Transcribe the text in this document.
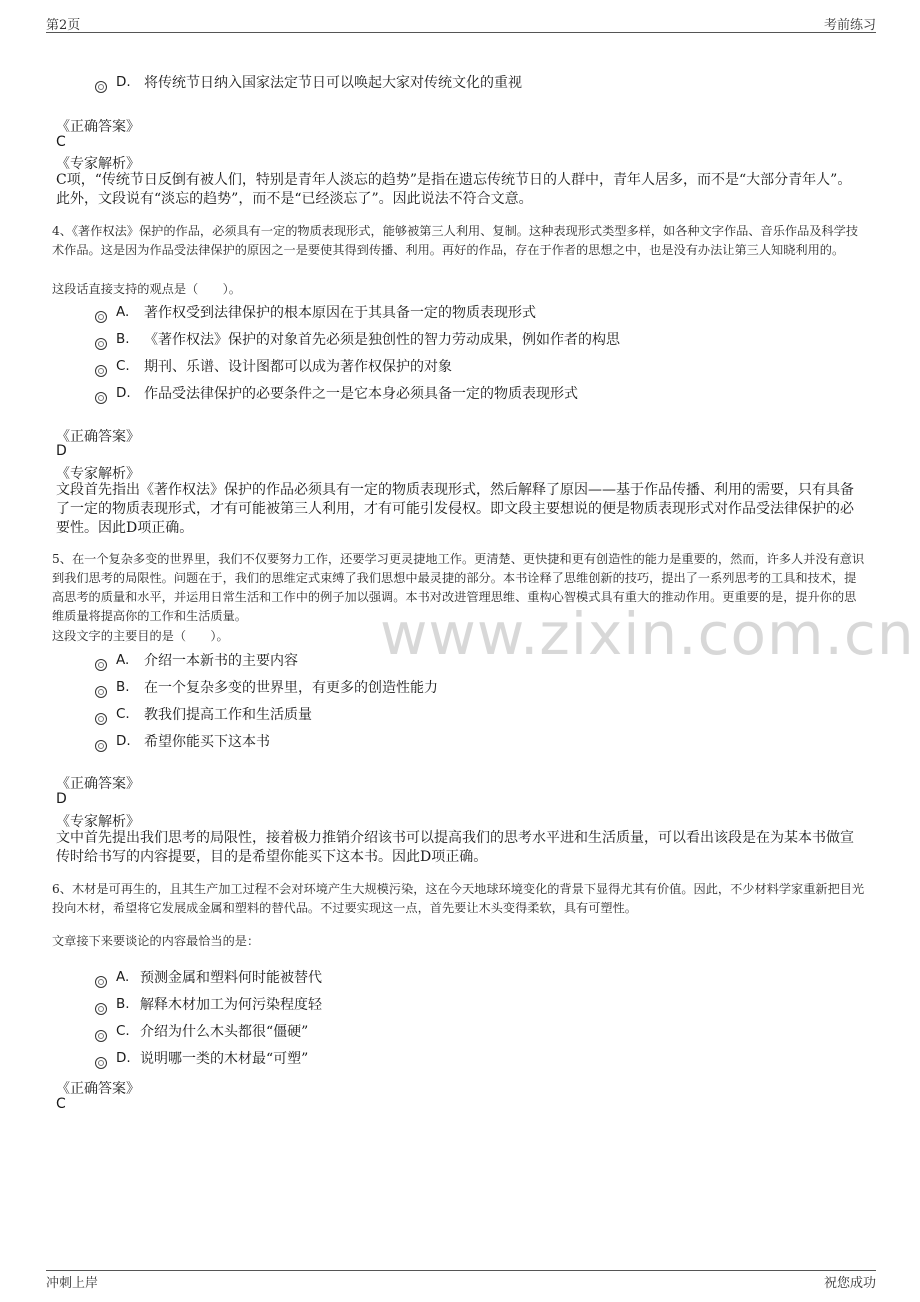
第2页	考前练习
www.zixin.com.cn
D. 将传统节日纳入国家法定节日可以唤起大家对传统文化的重视
《正确答案》
C
《专家解析》
C项，“传统节日反倒有被人们，特别是青年人淡忘的趋势”是指在遗忘传统节日的人群中，青年人居多，而不是“大部分青年人”。此外，文段说有“淡忘的趋势”，而不是“已经淡忘了”。因此说法不符合文意。
4、《著作权法》保护的作品，必须具有一定的物质表现形式，能够被第三人利用、复制。这种表现形式类型多样，如各种文字作品、音乐作品及科学技术作品。这是因为作品受法律保护的原因之一是要使其得到传播、利用。再好的作品，存在于作者的思想之中，也是没有办法让第三人知晓利用的。
这段话直接支持的观点是（　　）。
A.	著作权受到法律保护的根本原因在于其具备一定的物质表现形式
B.	《著作权法》保护的对象首先必须是独创性的智力劳动成果，例如作者的构思
C.	期刊、乐谱、设计图都可以成为著作权保护的对象
D. 作品受法律保护的必要条件之一是它本身必须具备一定的物质表现形式
《正确答案》
D
《专家解析》
文段首先指出《著作权法》保护的作品必须具有一定的物质表现形式，然后解释了原因——基于作品传播、利用的需要，只有具备了一定的物质表现形式，才有可能被第三人利用，才有可能引发侵权。即文段主要想说的便是物质表现形式对作品受法律保护的必要性。因此D项正确。
5、在一个复杂多变的世界里，我们不仅要努力工作，还要学习更灵捷地工作。更清楚、更快捷和更有创造性的能力是重要的，然而，许多人并没有意识到我们思考的局限性。问题在于，我们的思维定式束缚了我们思想中最灵捷的部分。本书诠释了思维创新的技巧，提出了一系列思考的工具和技术，提高思考的质量和水平，并运用日常生活和工作中的例子加以强调。本书对改进管理思维、重构心智模式具有重大的推动作用。更重要的是，提升你的思维质量将提高你的工作和生活质量。
这段文字的主要目的是（　　）。
A.	介绍一本新书的主要内容
B.	在一个复杂多变的世界里，有更多的创造性能力
C.	教我们提高工作和生活质量
D. 希望你能买下这本书
《正确答案》
D
《专家解析》
文中首先提出我们思考的局限性，接着极力推销介绍该书可以提高我们的思考水平进和生活质量，可以看出该段是在为某本书做宣传时给书写的内容提要，目的是希望你能买下这本书。因此D项正确。
6、木材是可再生的，且其生产加工过程不会对环境产生大规模污染，这在今天地球环境变化的背景下显得尤其有价值。因此，不少材料学家重新把目光投向木材，希望将它发展成金属和塑料的替代品。不过要实现这一点，首先要让木头变得柔软，具有可塑性。
文章接下来要谈论的内容最恰当的是：
A. 预测金属和塑料何时能被替代
B. 解释木材加工为何污染程度轻
C. 介绍为什么木头都很“僵硬”
D. 说明哪一类的木材最“可塑”
《正确答案》
C
冲刺上岸	祝您成功
